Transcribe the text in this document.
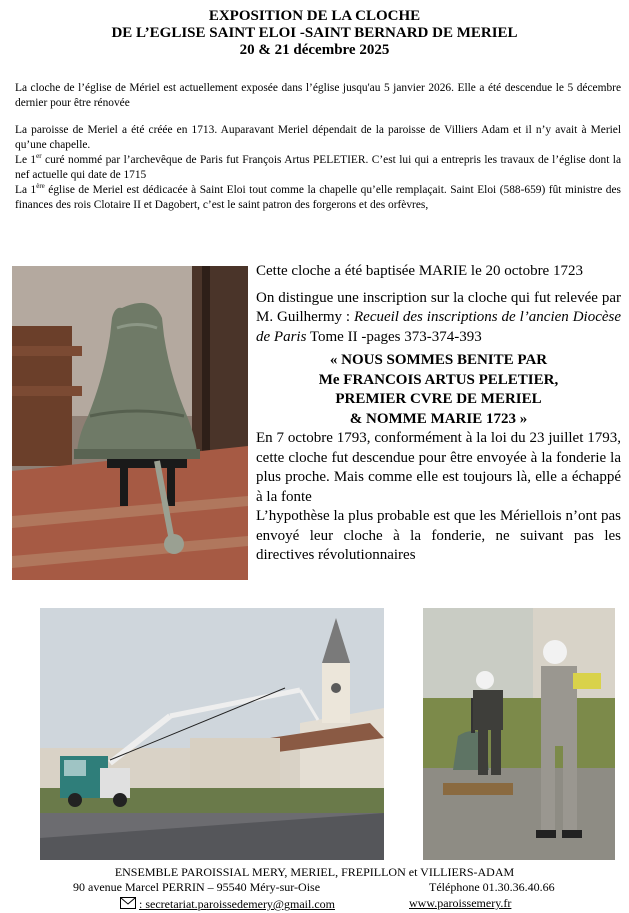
EXPOSITION DE LA CLOCHE
DE L’EGLISE SAINT ELOI -SAINT BERNARD DE MERIEL
20 & 21 décembre 2025

La cloche de l’église de Mériel est actuellement exposée dans l’église jusqu'au 5 janvier 2026. Elle a été descendue le 5 décembre dernier pour être rénovée

La paroisse de Meriel a été créée en 1713. Auparavant Meriel dépendait de la paroisse de Villiers Adam et il n’y avait à Meriel qu’une chapelle.

Le 1er curé nommé par l’archevêque de Paris fut François Artus PELETIER. C’est lui qui a entrepris les travaux de l’église dont la nef actuelle qui date de 1715

La 1ère église de Meriel est dédicacée à Saint Eloi tout comme la chapelle qu’elle remplaçait. Saint Eloi (588-659) fût ministre des finances des rois Clotaire II et Dagobert, c’est le saint patron des forgerons et des orfèvres,

Cette cloche a été baptisée MARIE le 20 octobre 1723

On distingue une inscription sur la cloche qui fut relevée par M. Guilhermy : Recueil des inscriptions de l’ancien Diocèse de Paris Tome II -pages 373-374-393

« NOUS SOMMES BENITE PAR
Me FRANCOIS ARTUS PELETIER,
PREMIER CVRE DE MERIEL
& NOMME MARIE 1723 »

En 7 octobre 1793, conformément à la loi du 23 juillet 1793, cette cloche fut descendue pour être envoyée à la fonderie la plus proche. Mais comme elle est toujours là, elle a échappé à la fonte

L’hypothèse la plus probable est que les Mériellois n’ont pas envoyé leur cloche à la fonderie, ne suivant pas les directives révolutionnaires

ENSEMBLE PAROISSIAL MERY, MERIEL, FREPILLON et VILLIERS-ADAM
90 avenue Marcel PERRIN – 95540 Méry-sur-Oise	Téléphone 01.30.36.40.66
: secretariat.paroissedemery@gmail.com	www.paroissemery.fr
